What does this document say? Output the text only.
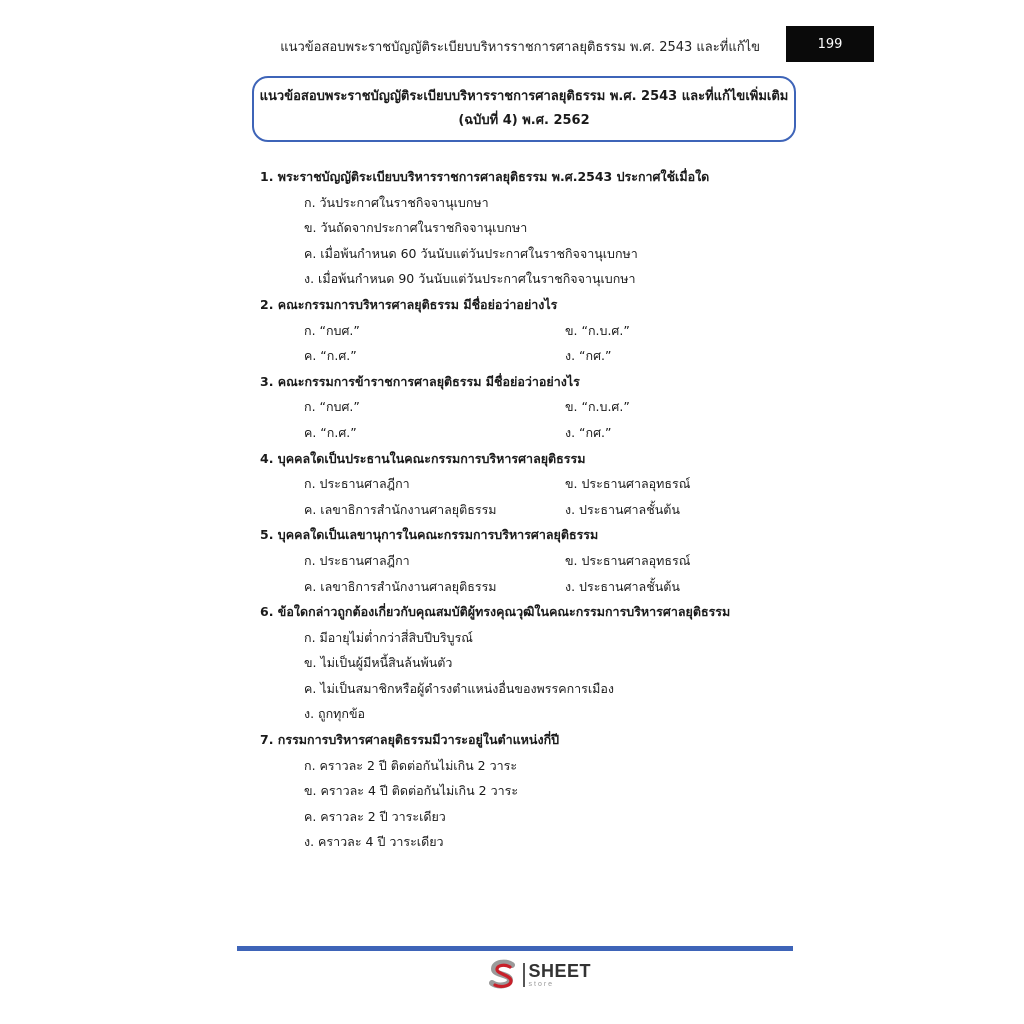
แนวข้อสอบพระราชบัญญัติระเบียบบริหารราชการศาลยุติธรรม พ.ศ. 2543 และที่แก้ไข	199
แนวข้อสอบพระราชบัญญัติระเบียบบริหารราชการศาลยุติธรรม พ.ศ. 2543 และที่แก้ไขเพิ่มเติม
(ฉบับที่ 4) พ.ศ. 2562
1. พระราชบัญญัติระเบียบบริหารราชการศาลยุติธรรม พ.ศ.2543 ประกาศใช้เมื่อใด
ก. วันประกาศในราชกิจจานุเบกษา
ข. วันถัดจากประกาศในราชกิจจานุเบกษา
ค. เมื่อพ้นกำหนด 60 วันนับแต่วันประกาศในราชกิจจานุเบกษา
ง. เมื่อพ้นกำหนด 90 วันนับแต่วันประกาศในราชกิจจานุเบกษา
2. คณะกรรมการบริหารศาลยุติธรรม มีชื่อย่อว่าอย่างไร
ก. “กบศ.”	ข. “ก.บ.ศ.”
ค. “ก.ศ.”	ง. “กศ.”
3. คณะกรรมการข้าราชการศาลยุติธรรม มีชื่อย่อว่าอย่างไร
ก. “กบศ.”	ข. “ก.บ.ศ.”
ค. “ก.ศ.”	ง. “กศ.”
4. บุคคลใดเป็นประธานในคณะกรรมการบริหารศาลยุติธรรม
ก. ประธานศาลฎีกา	ข. ประธานศาลอุทธรณ์
ค. เลขาธิการสำนักงานศาลยุติธรรม	ง. ประธานศาลชั้นต้น
5. บุคคลใดเป็นเลขานุการในคณะกรรมการบริหารศาลยุติธรรม
ก. ประธานศาลฎีกา	ข. ประธานศาลอุทธรณ์
ค. เลขาธิการสำนักงานศาลยุติธรรม	ง. ประธานศาลชั้นต้น
6. ข้อใดกล่าวถูกต้องเกี่ยวกับคุณสมบัติผู้ทรงคุณวุฒิในคณะกรรมการบริหารศาลยุติธรรม
ก. มีอายุไม่ต่ำกว่าสี่สิบปีบริบูรณ์
ข. ไม่เป็นผู้มีหนี้สินล้นพ้นตัว
ค. ไม่เป็นสมาชิกหรือผู้ดำรงตำแหน่งอื่นของพรรคการเมือง
ง. ถูกทุกข้อ
7. กรรมการบริหารศาลยุติธรรมมีวาระอยู่ในตำแหน่งกี่ปี
ก. คราวละ 2 ปี ติดต่อกันไม่เกิน 2 วาระ
ข. คราวละ 4 ปี ติดต่อกันไม่เกิน 2 วาระ
ค. คราวละ 2 ปี วาระเดียว
ง. คราวละ 4 ปี วาระเดียว
SHEET
store
